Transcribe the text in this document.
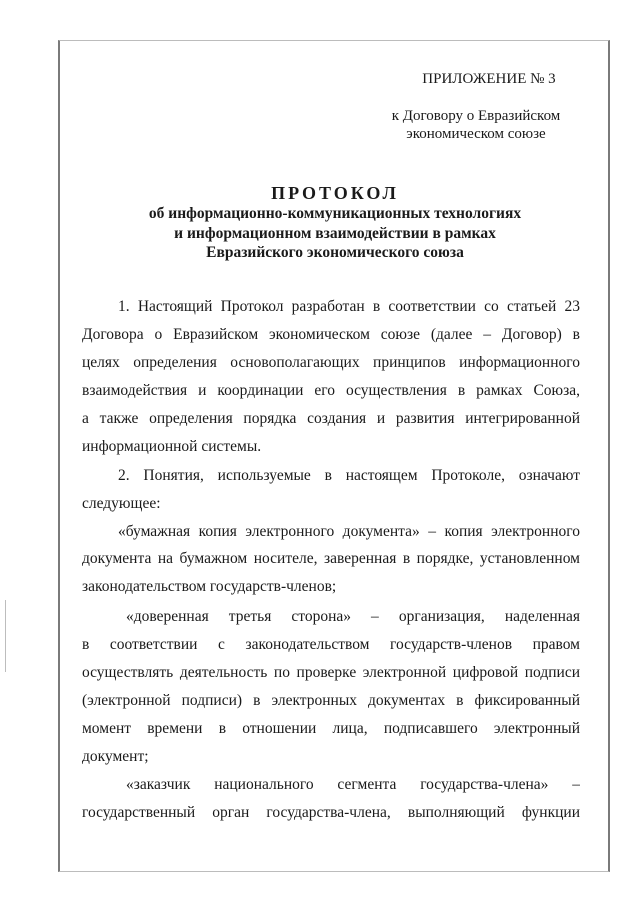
ПРИЛОЖЕНИЕ № 3
к Договору о Евразийском
экономическом союзе
ПРОТОКОЛ
об информационно-коммуникационных технологиях
и информационном взаимодействии в рамках
Евразийского экономического союза
1. Настоящий Протокол разработан в соответствии со статьей 23
Договора о Евразийском экономическом союзе (далее – Договор) в
целях определения основополагающих принципов информационного
взаимодействия и координации его осуществления в рамках Союза,
а также определения порядка создания и развития интегрированной
информационной системы.
2. Понятия, используемые в настоящем Протоколе, означают
следующее:
«бумажная копия электронного документа» – копия электронного
документа на бумажном носителе, заверенная в порядке, установленном
законодательством государств-членов;
«доверенная третья сторона» – организация, наделенная
в соответствии с законодательством государств-членов правом
осуществлять деятельность по проверке электронной цифровой подписи
(электронной подписи) в электронных документах в фиксированный
момент времени в отношении лица, подписавшего электронный
документ;
«заказчик национального сегмента государства-члена» –
государственный орган государства-члена, выполняющий функции
